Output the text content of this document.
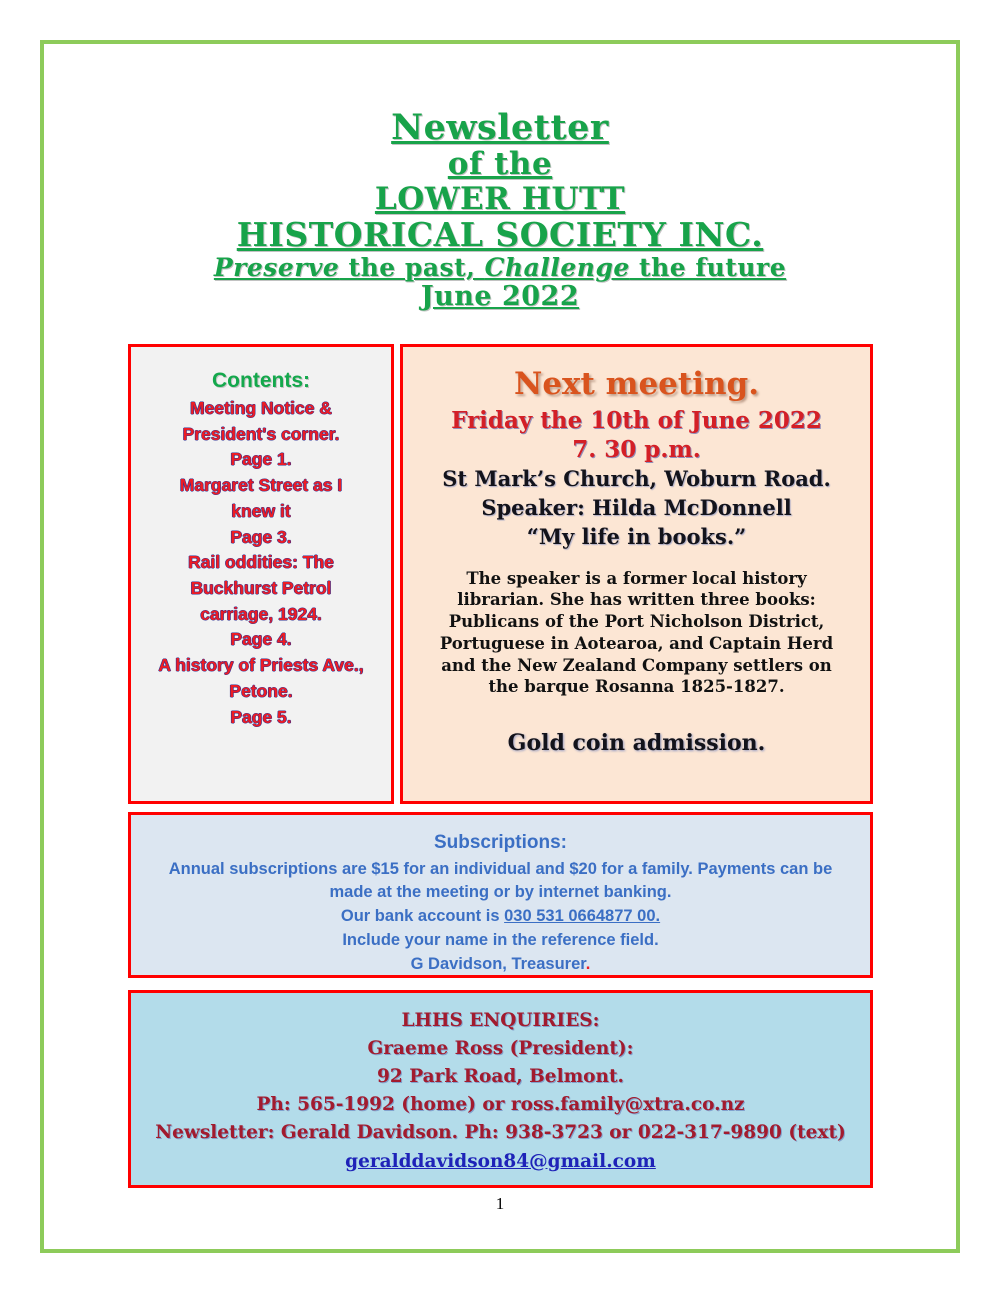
Newsletter
of the
LOWER HUTT
HISTORICAL SOCIETY INC.
Preserve the past, Challenge the future
June 2022
Contents:
Meeting Notice &
President's corner.
Page 1.
Margaret Street as I
knew it
Page 3.
Rail oddities: The
Buckhurst Petrol
carriage, 1924.
Page 4.
A history of Priests Ave.,
Petone.
Page 5.
Next meeting.
Friday the 10th of June 2022
7. 30 p.m.
St Mark’s Church, Woburn Road.
Speaker: Hilda McDonnell
“My life in books.”
The speaker is a former local history librarian. She has written three books: Publicans of the Port Nicholson District, Portuguese in Aotearoa, and Captain Herd and the New Zealand Company settlers on the barque Rosanna 1825-1827.
Gold coin admission.
Subscriptions:
Annual subscriptions are $15 for an individual and $20 for a family. Payments can be
made at the meeting or by internet banking.
Our bank account is 030 531 0664877 00.
Include your name in the reference field.
G Davidson, Treasurer.
LHHS ENQUIRIES:
Graeme Ross (President):
92 Park Road, Belmont.
Ph: 565-1992 (home) or ross.family@xtra.co.nz
Newsletter: Gerald Davidson. Ph: 938-3723 or 022-317-9890 (text)
geralddavidson84@gmail.com
1
